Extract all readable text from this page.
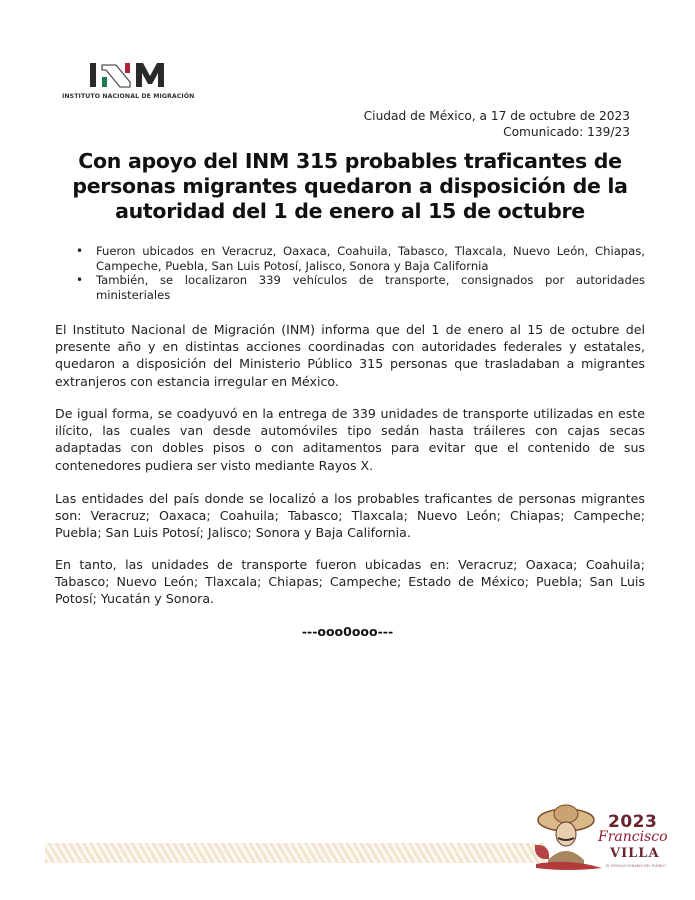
INSTITUTO NACIONAL DE MIGRACIÓN
Ciudad de México, a 17 de octubre de 2023
Comunicado: 139/23
Con apoyo del INM 315 probables traficantes de personas migrantes quedaron a disposición de la autoridad del 1 de enero al 15 de octubre
• Fueron ubicados en Veracruz, Oaxaca, Coahuila, Tabasco, Tlaxcala, Nuevo León, Chiapas, Campeche, Puebla, San Luis Potosí, Jalisco, Sonora y Baja California
• También, se localizaron 339 vehículos de transporte, consignados por autoridades ministeriales

El Instituto Nacional de Migración (INM) informa que del 1 de enero al 15 de octubre del presente año y en distintas acciones coordinadas con autoridades federales y estatales, quedaron a disposición del Ministerio Público 315 personas que trasladaban a migrantes extranjeros con estancia irregular en México.

De igual forma, se coadyuvó en la entrega de 339 unidades de transporte utilizadas en este ilícito, las cuales van desde automóviles tipo sedán hasta tráileres con cajas secas adaptadas con dobles pisos o con aditamentos para evitar que el contenido de sus contenedores pudiera ser visto mediante Rayos X.

Las entidades del país donde se localizó a los probables traficantes de personas migrantes son: Veracruz; Oaxaca; Coahuila; Tabasco; Tlaxcala; Nuevo León; Chiapas; Campeche; Puebla; San Luis Potosí; Jalisco; Sonora y Baja California.

En tanto, las unidades de transporte fueron ubicadas en: Veracruz; Oaxaca; Coahuila; Tabasco; Nuevo León; Tlaxcala; Chiapas; Campeche; Estado de México; Puebla; San Luis Potosí; Yucatán y Sonora.

---ooo0ooo---
2023
Francisco
VILLA
EL REVOLUCIONARIO DEL PUEBLO
